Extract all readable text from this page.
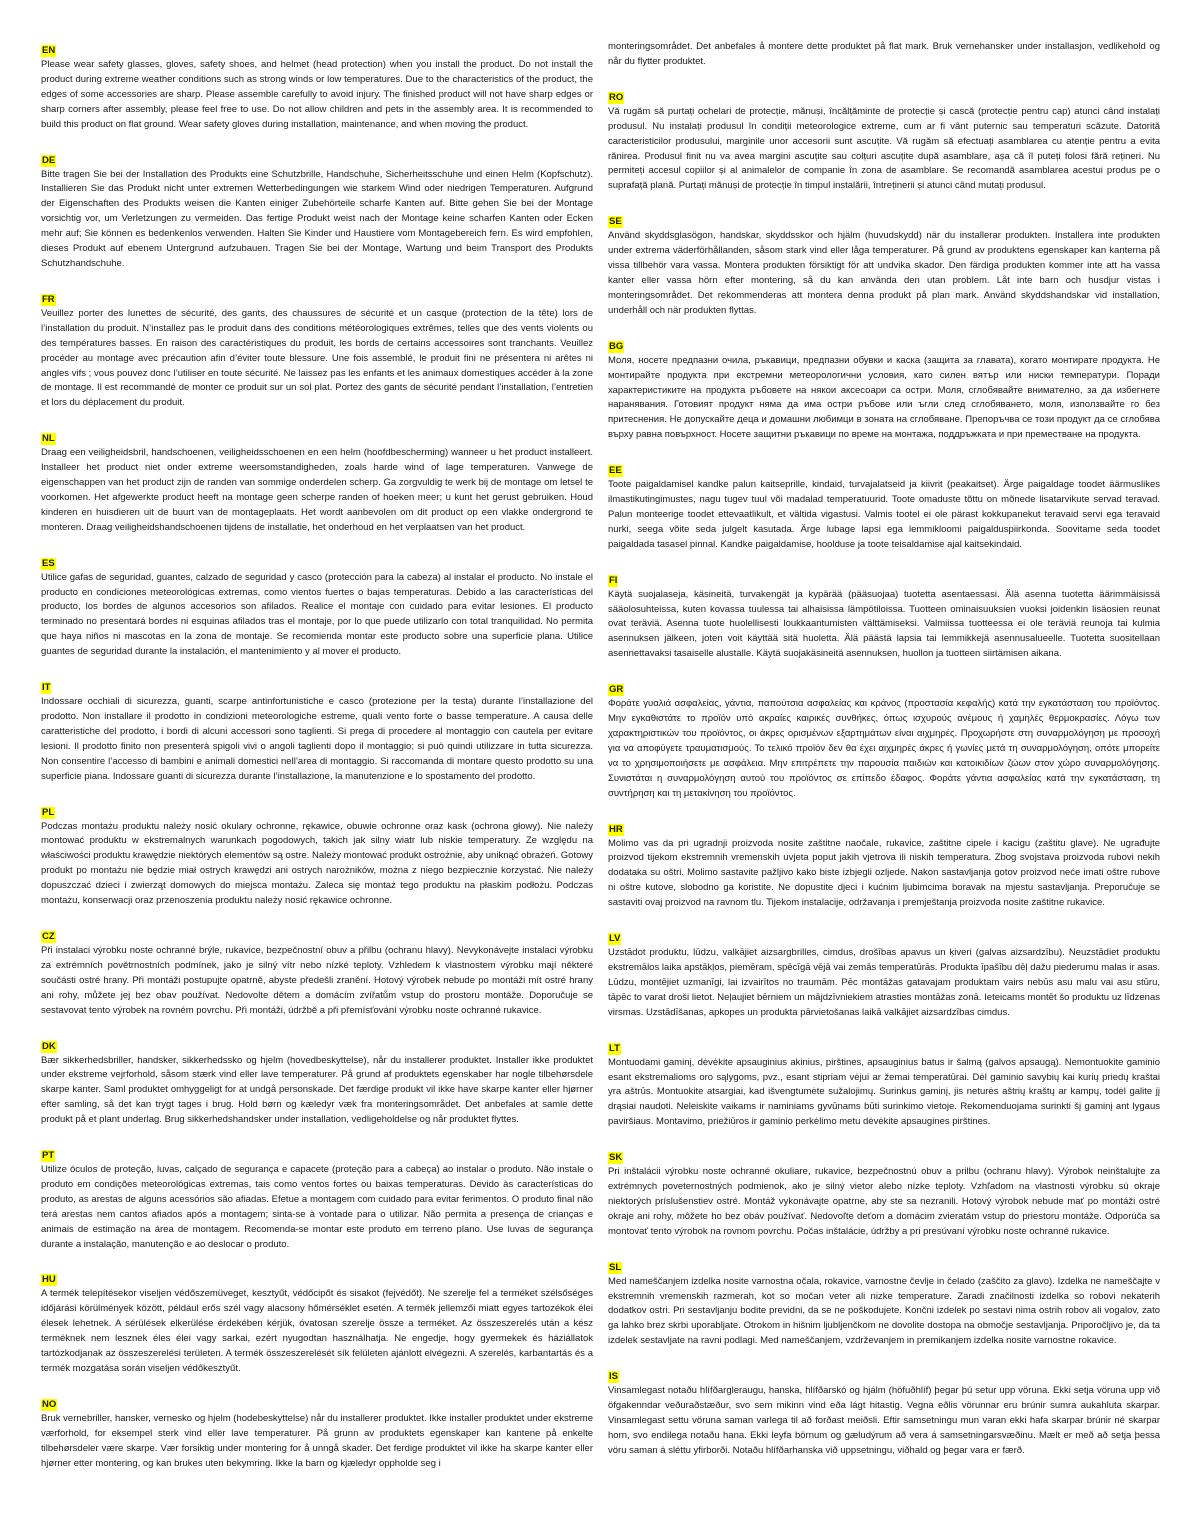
EN

Please wear safety glasses, gloves, safety shoes, and helmet (head protection) when you install the product. Do not install the product during extreme weather conditions such as strong winds or low temperatures. Due to the characteristics of the product, the edges of some accessories are sharp. Please assemble carefully to avoid injury. The finished product will not have sharp edges or sharp corners after assembly, please feel free to use. Do not allow children and pets in the assembly area. It is recommended to build this product on flat ground. Wear safety gloves during installation, maintenance, and when moving the product.

DE

Bitte tragen Sie bei der Installation des Produkts eine Schutzbrille, Handschuhe, Sicherheitsschuhe und einen Helm (Kopfschutz). Installieren Sie das Produkt nicht unter extremen Wetterbedingungen wie starkem Wind oder niedrigen Temperaturen. Aufgrund der Eigenschaften des Produkts weisen die Kanten einiger Zubehörteile scharfe Kanten auf. Bitte gehen Sie bei der Montage vorsichtig vor, um Verletzungen zu vermeiden. Das fertige Produkt weist nach der Montage keine scharfen Kanten oder Ecken mehr auf; Sie können es bedenkenlos verwenden. Halten Sie Kinder und Haustiere vom Montagebereich fern. Es wird empfohlen, dieses Produkt auf ebenem Untergrund aufzubauen. Tragen Sie bei der Montage, Wartung und beim Transport des Produkts Schutzhandschuhe.

FR

Veuillez porter des lunettes de sécurité, des gants, des chaussures de sécurité et un casque (protection de la tête) lors de l’installation du produit. N’installez pas le produit dans des conditions météorologiques extrêmes, telles que des vents violents ou des températures basses. En raison des caractéristiques du produit, les bords de certains accessoires sont tranchants. Veuillez procéder au montage avec précaution afin d’éviter toute blessure. Une fois assemblé, le produit fini ne présentera ni arêtes ni angles vifs ; vous pouvez donc l’utiliser en toute sécurité. Ne laissez pas les enfants et les animaux domestiques accéder à la zone de montage. Il est recommandé de monter ce produit sur un sol plat. Portez des gants de sécurité pendant l’installation, l’entretien et lors du déplacement du produit.

NL

Draag een veiligheidsbril, handschoenen, veiligheidsschoenen en een helm (hoofdbescherming) wanneer u het product installeert. Installeer het product niet onder extreme weersomstandigheden, zoals harde wind of lage temperaturen. Vanwege de eigenschappen van het product zijn de randen van sommige onderdelen scherp. Ga zorgvuldig te werk bij de montage om letsel te voorkomen. Het afgewerkte product heeft na montage geen scherpe randen of hoeken meer; u kunt het gerust gebruiken. Houd kinderen en huisdieren uit de buurt van de montageplaats. Het wordt aanbevolen om dit product op een vlakke ondergrond te monteren. Draag veiligheidshandschoenen tijdens de installatie, het onderhoud en het verplaatsen van het product.

ES

Utilice gafas de seguridad, guantes, calzado de seguridad y casco (protección para la cabeza) al instalar el producto. No instale el producto en condiciones meteorológicas extremas, como vientos fuertes o bajas temperaturas. Debido a las características del producto, los bordes de algunos accesorios son afilados. Realice el montaje con cuidado para evitar lesiones. El producto terminado no presentará bordes ni esquinas afilados tras el montaje, por lo que puede utilizarlo con total tranquilidad. No permita que haya niños ni mascotas en la zona de montaje. Se recomienda montar este producto sobre una superficie plana. Utilice guantes de seguridad durante la instalación, el mantenimiento y al mover el producto.

IT

Indossare occhiali di sicurezza, guanti, scarpe antinfortunistiche e casco (protezione per la testa) durante l’installazione del prodotto. Non installare il prodotto in condizioni meteorologiche estreme, quali vento forte o basse temperature. A causa delle caratteristiche del prodotto, i bordi di alcuni accessori sono taglienti. Si prega di procedere al montaggio con cautela per evitare lesioni. Il prodotto finito non presenterà spigoli vivi o angoli taglienti dopo il montaggio; si può quindi utilizzare in tutta sicurezza. Non consentire l’accesso di bambini e animali domestici nell’area di montaggio. Si raccomanda di montare questo prodotto su una superficie piana. Indossare guanti di sicurezza durante l’installazione, la manutenzione e lo spostamento del prodotto.

PL

Podczas montażu produktu należy nosić okulary ochronne, rękawice, obuwie ochronne oraz kask (ochrona głowy). Nie należy montować produktu w ekstremalnych warunkach pogodowych, takich jak silny wiatr lub niskie temperatury. Ze względu na właściwości produktu krawędzie niektórych elementów są ostre. Należy montować produkt ostrożnie, aby uniknąć obrażeń. Gotowy produkt po montażu nie będzie miał ostrych krawędzi ani ostrych narożników, można z niego bezpiecznie korzystać. Nie należy dopuszczać dzieci i zwierząt domowych do miejsca montażu. Zaleca się montaż tego produktu na płaskim podłożu. Podczas montażu, konserwacji oraz przenoszenia produktu należy nosić rękawice ochronne.

CZ

Při instalaci výrobku noste ochranné brýle, rukavice, bezpečnostní obuv a přilbu (ochranu hlavy). Nevykonávejte instalaci výrobku za extrémních povětrnostních podmínek, jako je silný vítr nebo nízké teploty. Vzhledem k vlastnostem výrobku mají některé součásti ostré hrany. Při montáži postupujte opatrně, abyste předešli zranění. Hotový výrobek nebude po montáži mít ostré hrany ani rohy, můžete jej bez obav používat. Nedovolte dětem a domácím zvířatům vstup do prostoru montáže. Doporučuje se sestavovat tento výrobek na rovném povrchu. Při montáži, údržbě a při přemísťování výrobku noste ochranné rukavice.

DK

Bær sikkerhedsbriller, handsker, sikkerhedssko og hjelm (hovedbeskyttelse), når du installerer produktet. Installer ikke produktet under ekstreme vejrforhold, såsom stærk vind eller lave temperaturer. På grund af produktets egenskaber har nogle tilbehørsdele skarpe kanter. Saml produktet omhyggeligt for at undgå personskade. Det færdige produkt vil ikke have skarpe kanter eller hjørner efter samling, så det kan trygt tages i brug. Hold børn og kæledyr væk fra monteringsområdet. Det anbefales at samle dette produkt på et plant underlag. Brug sikkerhedshandsker under installation, vedligeholdelse og når produktet flyttes.

PT

Utilize óculos de proteção, luvas, calçado de segurança e capacete (proteção para a cabeça) ao instalar o produto. Não instale o produto em condições meteorológicas extremas, tais como ventos fortes ou baixas temperaturas. Devido às características do produto, as arestas de alguns acessórios são afiadas. Efetue a montagem com cuidado para evitar ferimentos. O produto final não terá arestas nem cantos afiados após a montagem; sinta-se à vontade para o utilizar. Não permita a presença de crianças e animais de estimação na área de montagem. Recomenda-se montar este produto em terreno plano. Use luvas de segurança durante a instalação, manutenção e ao deslocar o produto.

HU

A termék telepítésekor viseljen védőszemüveget, kesztyűt, védőcipőt és sisakot (fejvédőt). Ne szerelje fel a terméket szélsőséges időjárási körülmények között, például erős szél vagy alacsony hőmérséklet esetén. A termék jellemzői miatt egyes tartozékok élei élesek lehetnek. A sérülések elkerülése érdekében kérjük, óvatosan szerelje össze a terméket. Az összeszerelés után a kész terméknek nem lesznek éles élei vagy sarkai, ezért nyugodtan használhatja. Ne engedje, hogy gyermekek és háziállatok tartózkodjanak az összeszerelési területen. A termék összeszerelését sík felületen ajánlott elvégezni. A szerelés, karbantartás és a termék mozgatása során viseljen védőkesztyűt.

NO

Bruk vernebriller, hansker, vernesko og hjelm (hodebeskyttelse) når du installerer produktet. Ikke installer produktet under ekstreme værforhold, for eksempel sterk vind eller lave temperaturer. På grunn av produktets egenskaper kan kantene på enkelte tilbehørsdeler være skarpe. Vær forsiktig under montering for å unngå skader. Det ferdige produktet vil ikke ha skarpe kanter eller hjørner etter montering, og kan brukes uten bekymring. Ikke la barn og kjæledyr oppholde seg i

monteringsområdet. Det anbefales å montere dette produktet på flat mark. Bruk vernehansker under installasjon, vedlikehold og når du flytter produktet.

RO

Vă rugăm să purtați ochelari de protecție, mănuși, încălțăminte de protecție și cască (protecție pentru cap) atunci când instalați produsul. Nu instalați produsul în condiții meteorologice extreme, cum ar fi vânt puternic sau temperaturi scăzute. Datorită caracteristicilor produsului, marginile unor accesorii sunt ascuțite. Vă rugăm să efectuați asamblarea cu atenție pentru a evita rănirea. Produsul finit nu va avea margini ascuțite sau colțuri ascuțite după asamblare, așa că îl puteți folosi fără rețineri. Nu permiteți accesul copiilor și al animalelor de companie în zona de asamblare. Se recomandă asamblarea acestui produs pe o suprafață plană. Purtați mănuși de protecție în timpul instalării, întreținerii și atunci când mutați produsul.

SE

Använd skyddsglasögon, handskar, skyddsskor och hjälm (huvudskydd) när du installerar produkten. Installera inte produkten under extrema väderförhållanden, såsom stark vind eller låga temperaturer. På grund av produktens egenskaper kan kanterna på vissa tillbehör vara vassa. Montera produkten försiktigt för att undvika skador. Den färdiga produkten kommer inte att ha vassa kanter eller vassa hörn efter montering, så du kan använda den utan problem. Låt inte barn och husdjur vistas i monteringsområdet. Det rekommenderas att montera denna produkt på plan mark. Använd skyddshandskar vid installation, underhåll och när produkten flyttas.

BG

Моля, носете предпазни очила, ръкавици, предпазни обувки и каска (защита за главата), когато монтирате продукта. Не монтирайте продукта при екстремни метеорологични условия, като силен вятър или ниски температури. Поради характеристиките на продукта ръбовете на някои аксесоари са остри. Моля, сглобявайте внимателно, за да избегнете наранявания. Готовият продукт няма да има остри ръбове или ъгли след сглобяването, моля, използвайте го без притеснения. Не допускайте деца и домашни любимци в зоната на сглобяване. Препоръчва се този продукт да се сглобява върху равна повърхност. Носете защитни ръкавици по време на монтажа, поддръжката и при преместване на продукта.

EE

Toote paigaldamisel kandke palun kaitseprille, kindaid, turvajalatseid ja kiivrit (peakaitset). Ärge paigaldage toodet äärmuslikes ilmastikutingimustes, nagu tugev tuul või madalad temperatuurid. Toote omaduste tõttu on mõnede lisatarvikute servad teravad. Palun monteerige toodet ettevaatlikult, et vältida vigastusi. Valmis tootel ei ole pärast kokkupanekut teravaid servi ega teravaid nurki, seega võite seda julgelt kasutada. Ärge lubage lapsi ega lemmikloomi paigalduspiirkonda. Soovitame seda toodet paigaldada tasasel pinnal. Kandke paigaldamise, hoolduse ja toote teisaldamise ajal kaitsekindaid.

FI

Käytä suojalaseja, käsineitä, turvakengät ja kypärää (pääsuojaa) tuotetta asentaessasi. Älä asenna tuotetta äärimmäisissä sääolosuhteissa, kuten kovassa tuulessa tai alhaisissa lämpötiloissa. Tuotteen ominaisuuksien vuoksi joidenkin lisäosien reunat ovat teräviä. Asenna tuote huolellisesti loukkaantumisten välttämiseksi. Valmiissa tuotteessa ei ole teräviä reunoja tai kulmia asennuksen jälkeen, joten voit käyttää sitä huoletta. Älä päästä lapsia tai lemmikkejä asennusalueelle. Tuotetta suositellaan asennettavaksi tasaiselle alustalle. Käytä suojakäsineitä asennuksen, huollon ja tuotteen siirtämisen aikana.

GR

Φοράτε γυαλιά ασφαλείας, γάντια, παπούτσια ασφαλείας και κράνος (προστασία κεφαλής) κατά την εγκατάσταση του προϊόντος. Μην εγκαθιστάτε το προϊόν υπό ακραίες καιρικές συνθήκες, όπως ισχυρούς ανέμους ή χαμηλές θερμοκρασίες. Λόγω των χαρακτηριστικών του προϊόντος, οι άκρες ορισμένων εξαρτημάτων είναι αιχμηρές. Προχωρήστε στη συναρμολόγηση με προσοχή για να αποφύγετε τραυματισμούς. Το τελικό προϊόν δεν θα έχει αιχμηρές άκρες ή γωνίες μετά τη συναρμολόγηση, οπότε μπορείτε να το χρησιμοποιήσετε με ασφάλεια. Μην επιτρέπετε την παρουσία παιδιών και κατοικιδίων ζώων στον χώρο συναρμολόγησης. Συνιστάται η συναρμολόγηση αυτού του προϊόντος σε επίπεδο έδαφος. Φοράτε γάντια ασφαλείας κατά την εγκατάσταση, τη συντήρηση και τη μετακίνηση του προϊόντος.

HR

Molimo vas da pri ugradnji proizvoda nosite zaštitne naočale, rukavice, zaštitne cipele i kacigu (zaštitu glave). Ne ugrađujte proizvod tijekom ekstremnih vremenskih uvjeta poput jakih vjetrova ili niskih temperatura. Zbog svojstava proizvoda rubovi nekih dodataka su oštri. Molimo sastavite pažljivo kako biste izbjegli ozljede. Nakon sastavljanja gotov proizvod neće imati oštre rubove ni oštre kutove, slobodno ga koristite. Ne dopustite djeci i kućnim ljubimcima boravak na mjestu sastavljanja. Preporučuje se sastaviti ovaj proizvod na ravnom tlu. Tijekom instalacije, održavanja i premještanja proizvoda nosite zaštitne rukavice.

LV

Uzstādot produktu, lūdzu, valkājiet aizsargbrilles, cimdus, drošības apavus un ķiveri (galvas aizsardzību). Neuzstādiet produktu ekstremālos laika apstākļos, piemēram, spēcīgā vējā vai zemās temperatūrās. Produkta īpašību dēļ dažu piederumu malas ir asas. Lūdzu, montējiet uzmanīgi, lai izvairītos no traumām. Pēc montāžas gatavajam produktam vairs nebūs asu malu vai asu stūru, tāpēc to varat droši lietot. Neļaujiet bērniem un mājdzīvniekiem atrasties montāžas zonā. Ieteicams montēt šo produktu uz līdzenas virsmas. Uzstādīšanas, apkopes un produkta pārvietošanas laikā valkājiet aizsardzības cimdus.

LT

Montuodami gaminį, dėvėkite apsauginius akinius, pirštines, apsauginius batus ir šalmą (galvos apsaugą). Nemontuokite gaminio esant ekstremalioms oro sąlygoms, pvz., esant stipriam vėjui ar žemai temperatūrai. Dėl gaminio savybių kai kurių priedų kraštai yra aštrūs. Montuokite atsargiai, kad išvengtumėte sužalojimų. Surinkus gaminį, jis neturės aštrių kraštų ar kampų, todėl galite jį drąsiai naudoti. Neleiskite vaikams ir naminiams gyvūnams būti surinkimo vietoje. Rekomenduojama surinkti šį gaminį ant lygaus paviršiaus. Montavimo, priežiūros ir gaminio perkėlimo metu dėvėkite apsaugines pirštines.

SK

Pri inštalácii výrobku noste ochranné okuliare, rukavice, bezpečnostnú obuv a prilbu (ochranu hlavy). Výrobok neinštalujte za extrémnych poveternostných podmienok, ako je silný vietor alebo nízke teploty. Vzhľadom na vlastnosti výrobku sú okraje niektorých príslušenstiev ostré. Montáž vykonávajte opatrne, aby ste sa nezranili. Hotový výrobok nebude mať po montáži ostré okraje ani rohy, môžete ho bez obáv používať. Nedovoľte deťom a domácim zvieratám vstup do priestoru montáže. Odporúča sa montovať tento výrobok na rovnom povrchu. Počas inštalácie, údržby a pri presúvaní výrobku noste ochranné rukavice.

SL

Med nameščanjem izdelka nosite varnostna očala, rokavice, varnostne čevlje in čelado (zaščito za glavo). Izdelka ne nameščajte v ekstremnih vremenskih razmerah, kot so močan veter ali nizke temperature. Zaradi značilnosti izdelka so robovi nekaterih dodatkov ostri. Pri sestavljanju bodite previdni, da se ne poškodujete. Končni izdelek po sestavi nima ostrih robov ali vogalov, zato ga lahko brez skrbi uporabljate. Otrokom in hišnim ljubljenčkom ne dovolite dostopa na območje sestavljanja. Priporočljivo je, da ta izdelek sestavljate na ravni podlagi. Med nameščanjem, vzdrževanjem in premikanjem izdelka nosite varnostne rokavice.

IS

Vinsamlegast notaðu hlífðargleraugu, hanska, hlífðarskó og hjálm (höfuðhlíf) þegar þú setur upp vöruna. Ekki setja vöruna upp við öfgakenndar veðuraðstæður, svo sem mikinn vind eða lágt hitastig. Vegna eðlis vörunnar eru brúnir sumra aukahluta skarpar. Vinsamlegast settu vöruna saman varlega til að forðast meiðsli. Eftir samsetningu mun varan ekki hafa skarpar brúnir né skarpar horn, svo endilega notaðu hana. Ekki leyfa börnum og gæludýrum að vera á samsetningarsvæðinu. Mælt er með að setja þessa vöru saman á sléttu yfirborði. Notaðu hlífðarhanska við uppsetningu, viðhald og þegar vara er færð.
